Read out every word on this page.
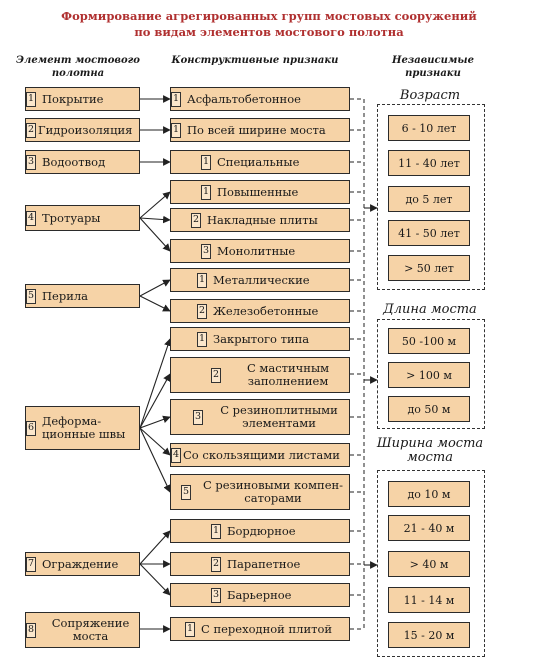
Формирование агрегированных групп мостовых сооружений
по видам элементов мостового полотна
Элемент мостового полотна
Конструктивные признаки	Независимые признаки
1 Покрытие
2 Гидроизоляция
3 Водоотвод
4 Тротуары
5 Перила
6 Деформа-ционные швы
7 Ограждение
8	Сопряжение моста
1 Асфальтобетонное
1 По всей ширине моста
1 Специальные
1 Повышенные
2 Накладные плиты
3 Монолитные
1 Металлические
2 Железобетонные
1 Закрытого типа
2	С мастичным заполнением
3	С резиноплитными элементами
4 Со скользящими листами
5	С резиновыми компен-саторами
1 Бордюрное
2 Парапетное
3 Барьерное
1 С переходной плитой
Возраст
6 - 10 лет
11 - 40 лет
до 5 лет
41 - 50 лет
> 50 лет
Длина моста
50 -100 м
> 100 м
до 50 м
Ширина моста моста
до 10 м
21 - 40 м
> 40 м
11 - 14 м
15 - 20 м
